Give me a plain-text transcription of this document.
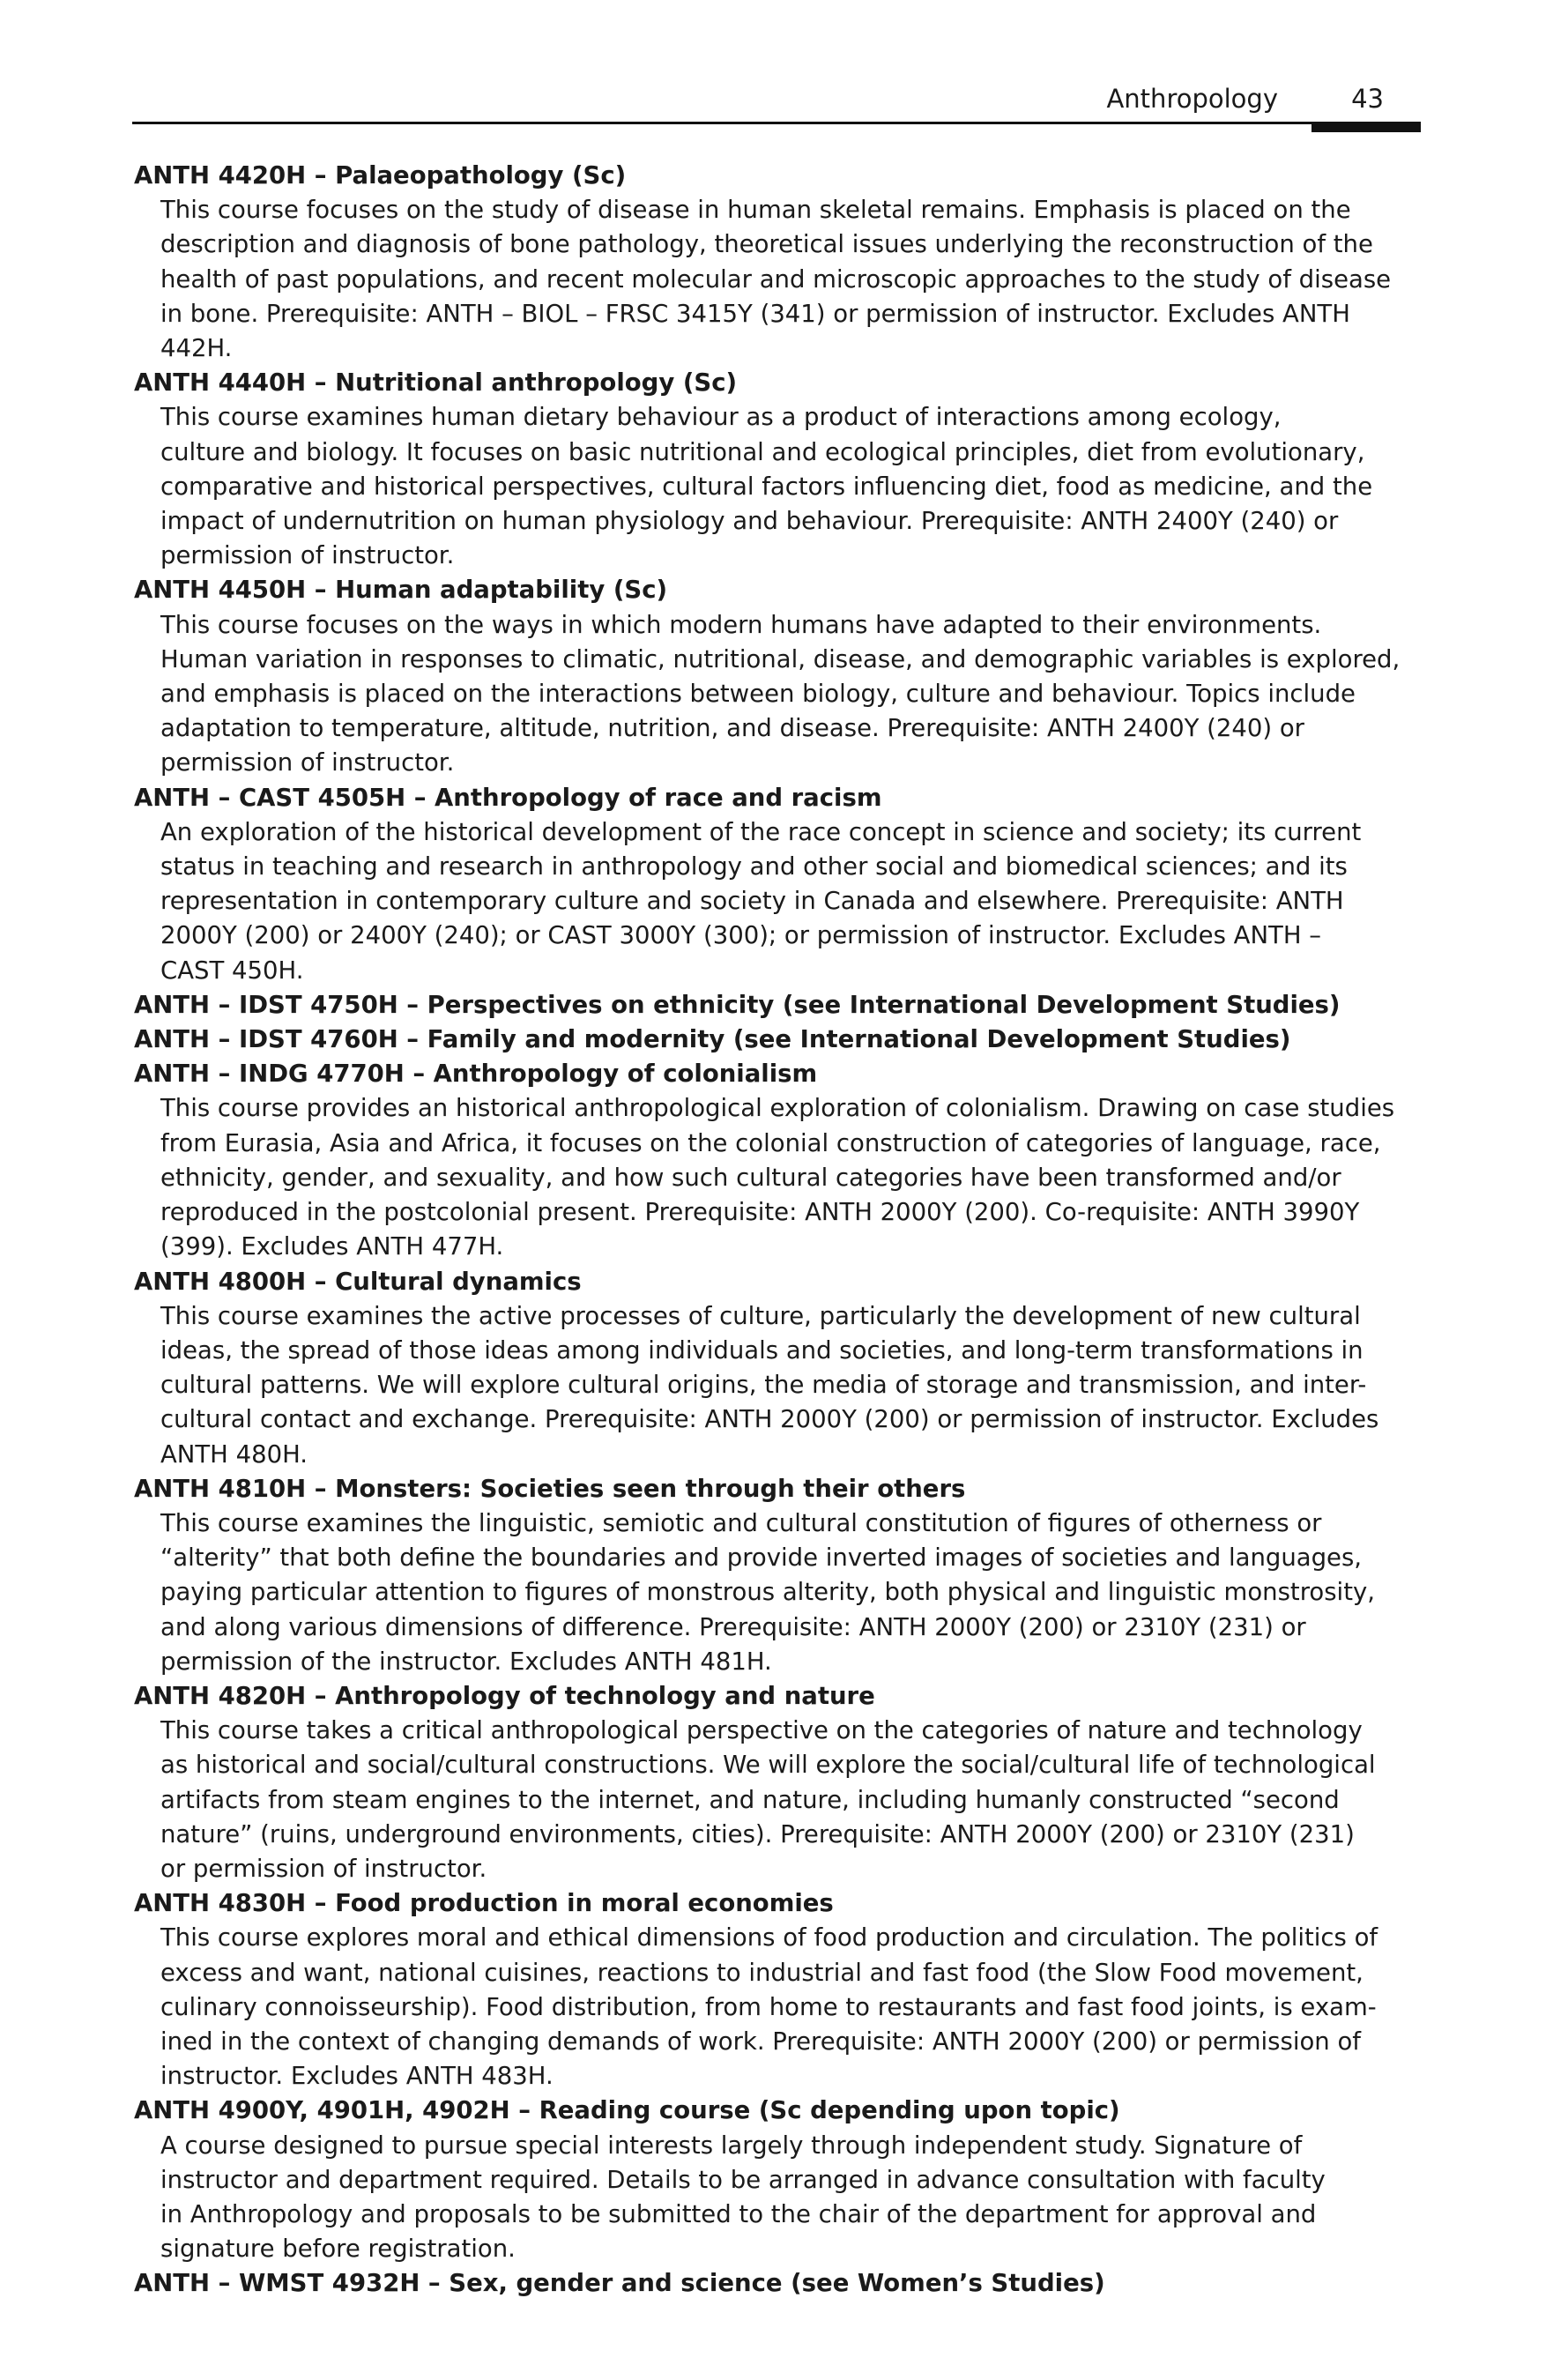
Anthropology	43
ANTH 4420H – Palaeopathology (Sc)
This course focuses on the study of disease in human skeletal remains. Emphasis is placed on the
description and diagnosis of bone pathology, theoretical issues underlying the reconstruction of the
health of past populations, and recent molecular and microscopic approaches to the study of disease
in bone. Prerequisite: ANTH – BIOL – FRSC 3415Y (341) or permission of instructor. Excludes ANTH
442H.
ANTH 4440H – Nutritional anthropology (Sc)
This course examines human dietary behaviour as a product of interactions among ecology,
culture and biology. It focuses on basic nutritional and ecological principles, diet from evolutionary,
comparative and historical perspectives, cultural factors influencing diet, food as medicine, and the
impact of undernutrition on human physiology and behaviour. Prerequisite: ANTH 2400Y (240) or
permission of instructor.
ANTH 4450H – Human adaptability (Sc)
This course focuses on the ways in which modern humans have adapted to their environments.
Human variation in responses to climatic, nutritional, disease, and demographic variables is explored,
and emphasis is placed on the interactions between biology, culture and behaviour. Topics include
adaptation to temperature, altitude, nutrition, and disease. Prerequisite: ANTH 2400Y (240) or
permission of instructor.
ANTH – CAST 4505H – Anthropology of race and racism
An exploration of the historical development of the race concept in science and society; its current
status in teaching and research in anthropology and other social and biomedical sciences; and its
representation in contemporary culture and society in Canada and elsewhere. Prerequisite: ANTH
2000Y (200) or 2400Y (240); or CAST 3000Y (300); or permission of instructor. Excludes ANTH –
CAST 450H.
ANTH – IDST 4750H – Perspectives on ethnicity (see International Development Studies)
ANTH – IDST 4760H – Family and modernity (see International Development Studies)
ANTH – INDG 4770H – Anthropology of colonialism
This course provides an historical anthropological exploration of colonialism. Drawing on case studies
from Eurasia, Asia and Africa, it focuses on the colonial construction of categories of language, race,
ethnicity, gender, and sexuality, and how such cultural categories have been transformed and/or
reproduced in the postcolonial present. Prerequisite: ANTH 2000Y (200). Co-requisite: ANTH 3990Y
(399). Excludes ANTH 477H.
ANTH 4800H – Cultural dynamics
This course examines the active processes of culture, particularly the development of new cultural
ideas, the spread of those ideas among individuals and societies, and long-term transformations in
cultural patterns. We will explore cultural origins, the media of storage and transmission, and inter-
cultural contact and exchange. Prerequisite: ANTH 2000Y (200) or permission of instructor. Excludes
ANTH 480H.
ANTH 4810H – Monsters: Societies seen through their others
This course examines the linguistic, semiotic and cultural constitution of figures of otherness or
“alterity” that both define the boundaries and provide inverted images of societies and languages,
paying particular attention to figures of monstrous alterity, both physical and linguistic monstrosity,
and along various dimensions of difference. Prerequisite: ANTH 2000Y (200) or 2310Y (231) or
permission of the instructor. Excludes ANTH 481H.
ANTH 4820H – Anthropology of technology and nature
This course takes a critical anthropological perspective on the categories of nature and technology
as historical and social/cultural constructions. We will explore the social/cultural life of technological
artifacts from steam engines to the internet, and nature, including humanly constructed “second
nature” (ruins, underground environments, cities). Prerequisite: ANTH 2000Y (200) or 2310Y (231)
or permission of instructor.
ANTH 4830H – Food production in moral economies
This course explores moral and ethical dimensions of food production and circulation. The politics of
excess and want, national cuisines, reactions to industrial and fast food (the Slow Food movement,
culinary connoisseurship). Food distribution, from home to restaurants and fast food joints, is exam-
ined in the context of changing demands of work. Prerequisite: ANTH 2000Y (200) or permission of
instructor. Excludes ANTH 483H.
ANTH 4900Y, 4901H, 4902H – Reading course (Sc depending upon topic)
A course designed to pursue special interests largely through independent study. Signature of
instructor and department required. Details to be arranged in advance consultation with faculty
in Anthropology and proposals to be submitted to the chair of the department for approval and
signature before registration.
ANTH – WMST 4932H – Sex, gender and science (see Women’s Studies)
